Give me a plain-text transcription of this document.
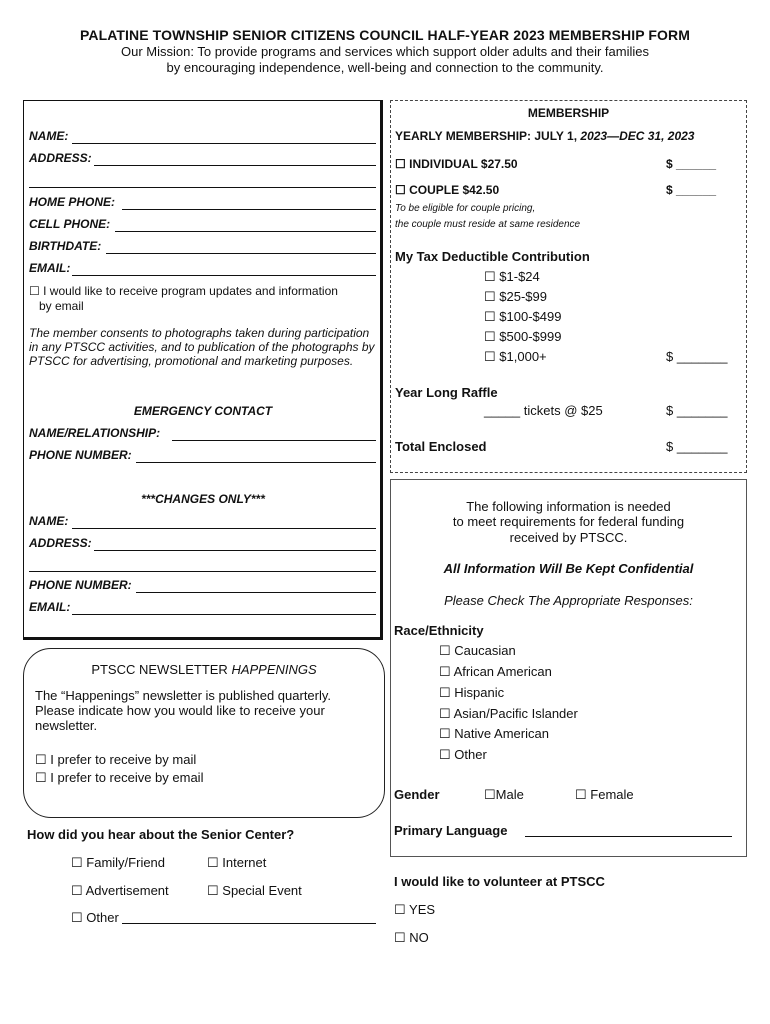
PALATINE TOWNSHIP SENIOR CITIZENS COUNCIL HALF-YEAR 2023 MEMBERSHIP FORM
Our Mission: To provide programs and services which support older adults and their families
by encouraging independence, well-being and connection to the community.
NAME:
ADDRESS:
HOME PHONE:
CELL PHONE:
BIRTHDATE:
EMAIL:
☐ I would like to receive program updates and information
by email
The member consents to photographs taken during participation in any PTSCC activities, and to publication of the photographs by PTSCC for advertising, promotional and marketing purposes.
EMERGENCY CONTACT
NAME/RELATIONSHIP:
PHONE NUMBER:
***CHANGES ONLY***
NAME:
ADDRESS:
PHONE NUMBER:
EMAIL:
MEMBERSHIP
YEARLY MEMBERSHIP: JULY 1, 2023—DEC 31, 2023
☐ INDIVIDUAL $27.50	$ ______
☐ COUPLE $42.50	$ ______
To be eligible for couple pricing,
the couple must reside at same residence
My Tax Deductible Contribution
☐ $1-$24
☐ $25-$99
☐ $100-$499
☐ $500-$999
☐ $1,000+	$ _______
Year Long Raffle
_____ tickets @ $25	$ _______
Total Enclosed	$ _______
The following information is needed
to meet requirements for federal funding
received by PTSCC.
All Information Will Be Kept Confidential
Please Check The Appropriate Responses:
Race/Ethnicity
☐ Caucasian
☐ African American
☐ Hispanic
☐ Asian/Pacific Islander
☐ Native American
☐ Other
Gender	☐Male	☐ Female
Primary Language
PTSCC NEWSLETTER HAPPENINGS
The “Happenings” newsletter is published quarterly. Please indicate how you would like to receive your newsletter.
☐ I prefer to receive by mail
☐ I prefer to receive by email
How did you hear about the Senior Center?
☐ Family/Friend	☐ Internet
☐ Advertisement	☐ Special Event
☐ Other
I would like to volunteer at PTSCC
☐ YES
☐ NO
